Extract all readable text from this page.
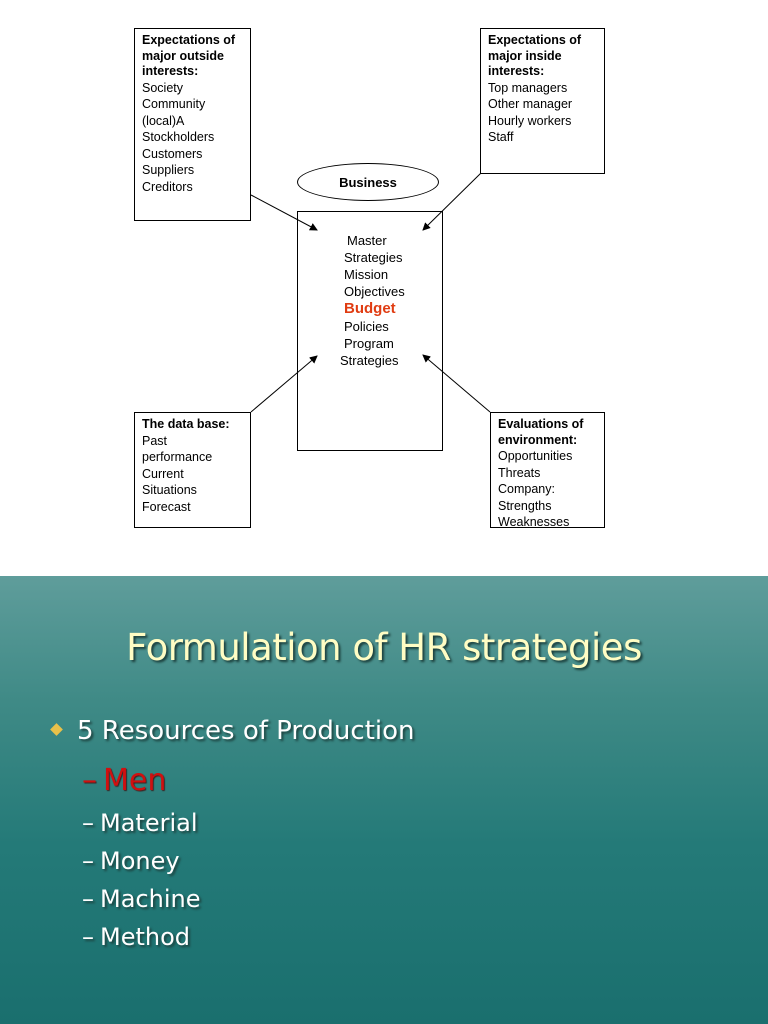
Expectations of
major outside
interests:
Society
Community
(local)A
Stockholders
Customers
Suppliers
Creditors
Expectations of
major inside
interests:
Top managers
Other manager
Hourly workers
Staff
Business
Master
Strategies
Mission
Objectives
Budget
Policies
Program
Strategies
The data base:
Past
performance
Current
Situations
Forecast
Evaluations of
environment:
Opportunities
Threats
Company:
Strengths
Weaknesses
Formulation of HR strategies
5 Resources of Production
– Men
– Material
– Money
– Machine
– Method
